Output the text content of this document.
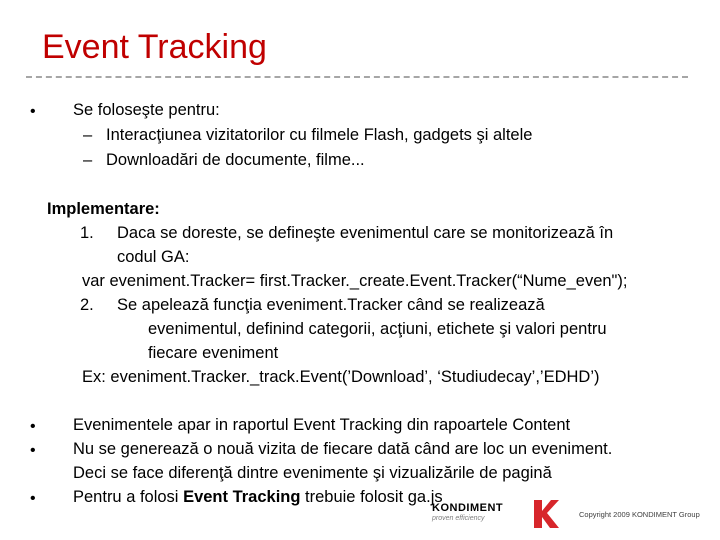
Event Tracking
• Se foloseşte pentru:
– Interacţiunea vizitatorilor cu filmele Flash, gadgets şi altele
– Downloadări de documente, filme...
Implementare:
1. Daca se doreste, se defineşte evenimentul care se monitorizează în
codul GA:
var eveniment.Tracker= first.Tracker._create.Event.Tracker(“Nume_even");
2. Se apelează funcţia eveniment.Tracker când se realizează
evenimentul, definind categorii, acţiuni, etichete şi valori pentru
fiecare eveniment
Ex: eveniment.Tracker._track.Event(’Download’, ‘Studiudecay’,’EDHD’)
• Evenimentele apar in raportul Event Tracking din rapoartele Content
• Nu se generează o nouă vizita de fiecare dată când are loc un eveniment.
Deci se face diferenţă dintre evenimente şi vizualizările de pagină
• Pentru a folosi Event Tracking trebuie folosit ga.js
KONDIMENT
proven efficiency	Copyright 2009 KONDIMENT Group
